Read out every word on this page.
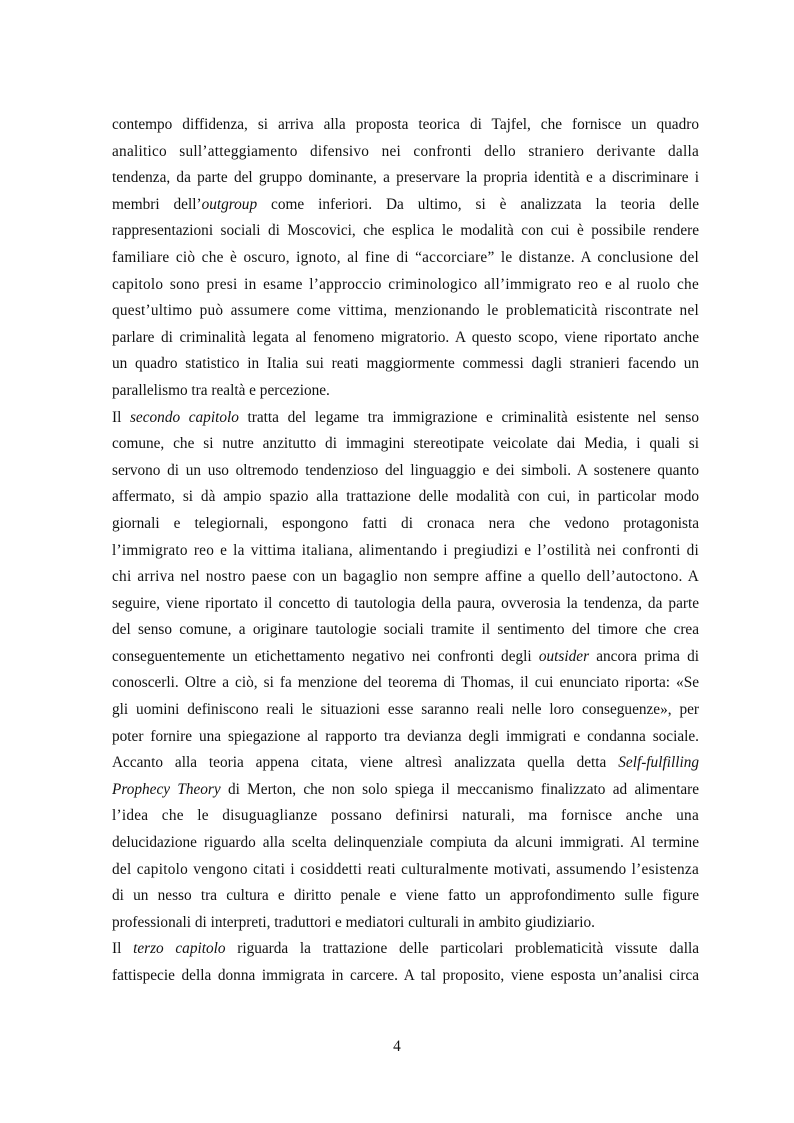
contempo diffidenza, si arriva alla proposta teorica di Tajfel, che fornisce un quadro
analitico sull’atteggiamento difensivo nei confronti dello straniero derivante dalla
tendenza, da parte del gruppo dominante, a preservare la propria identità e a discriminare i
membri dell’outgroup come inferiori. Da ultimo, si è analizzata la teoria delle
rappresentazioni sociali di Moscovici, che esplica le modalità con cui è possibile rendere
familiare ciò che è oscuro, ignoto, al fine di “accorciare” le distanze. A conclusione del
capitolo sono presi in esame l’approccio criminologico all’immigrato reo e al ruolo che
quest’ultimo può assumere come vittima, menzionando le problematicità riscontrate nel
parlare di criminalità legata al fenomeno migratorio. A questo scopo, viene riportato anche
un quadro statistico in Italia sui reati maggiormente commessi dagli stranieri facendo un
parallelismo tra realtà e percezione.
Il secondo capitolo tratta del legame tra immigrazione e criminalità esistente nel senso
comune, che si nutre anzitutto di immagini stereotipate veicolate dai Media, i quali si
servono di un uso oltremodo tendenzioso del linguaggio e dei simboli. A sostenere quanto
affermato, si dà ampio spazio alla trattazione delle modalità con cui, in particolar modo
giornali e telegiornali, espongono fatti di cronaca nera che vedono protagonista
l’immigrato reo e la vittima italiana, alimentando i pregiudizi e l’ostilità nei confronti di
chi arriva nel nostro paese con un bagaglio non sempre affine a quello dell’autoctono. A
seguire, viene riportato il concetto di tautologia della paura, ovverosia la tendenza, da parte
del senso comune, a originare tautologie sociali tramite il sentimento del timore che crea
conseguentemente un etichettamento negativo nei confronti degli outsider ancora prima di
conoscerli. Oltre a ciò, si fa menzione del teorema di Thomas, il cui enunciato riporta: «Se
gli uomini definiscono reali le situazioni esse saranno reali nelle loro conseguenze», per
poter fornire una spiegazione al rapporto tra devianza degli immigrati e condanna sociale.
Accanto alla teoria appena citata, viene altresì analizzata quella detta Self-fulfilling
Prophecy Theory di Merton, che non solo spiega il meccanismo finalizzato ad alimentare
l’idea che le disuguaglianze possano definirsi naturali, ma fornisce anche una
delucidazione riguardo alla scelta delinquenziale compiuta da alcuni immigrati. Al termine
del capitolo vengono citati i cosiddetti reati culturalmente motivati, assumendo l’esistenza
di un nesso tra cultura e diritto penale e viene fatto un approfondimento sulle figure
professionali di interpreti, traduttori e mediatori culturali in ambito giudiziario.
Il terzo capitolo riguarda la trattazione delle particolari problematicità vissute dalla
fattispecie della donna immigrata in carcere. A tal proposito, viene esposta un’analisi circa
4
